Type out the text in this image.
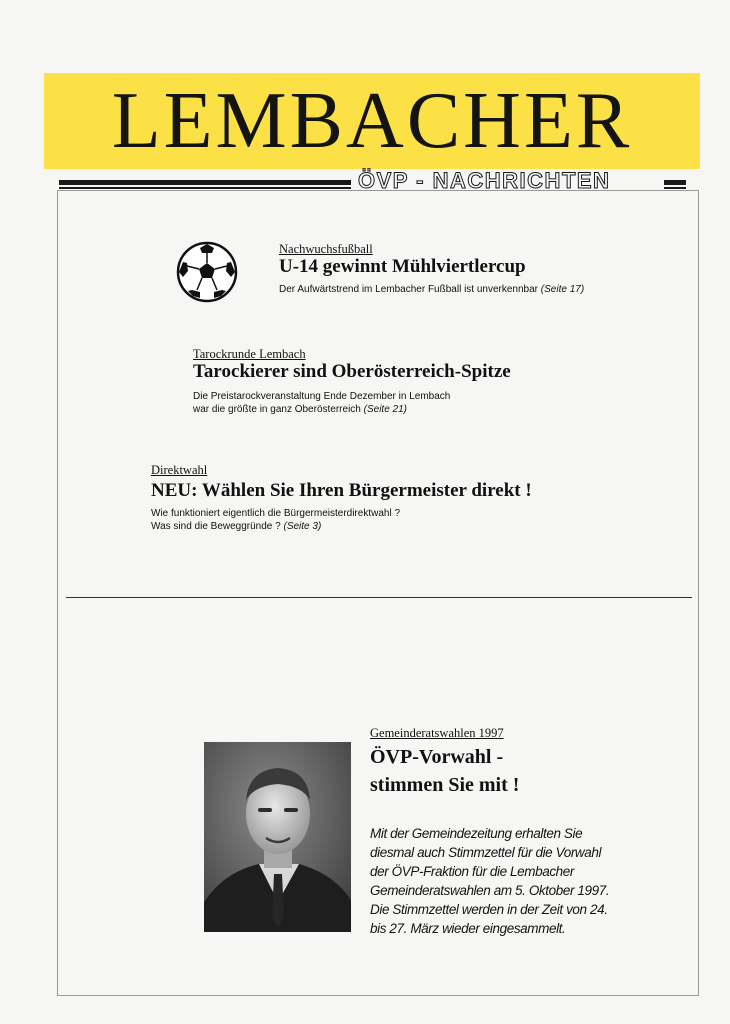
LEMBACHER
ÖVP - NACHRICHTEN
Nachwuchsfußball
U-14 gewinnt Mühlviertlercup
Der Aufwärtstrend im Lembacher Fußball ist unverkennbar (Seite 17)
Tarockrunde Lembach
Tarockierer sind Oberösterreich-Spitze
Die Preistarockveranstaltung Ende Dezember in Lembach
war die größte in ganz Oberösterreich (Seite 21)
Direktwahl
NEU: Wählen Sie Ihren Bürgermeister direkt !
Wie funktioniert eigentlich die Bürgermeisterdirektwahl ?
Was sind die Beweggründe ? (Seite 3)
Gemeinderatswahlen 1997
ÖVP-Vorwahl -
stimmen Sie mit !
Mit der Gemeindezeitung erhalten Sie
diesmal auch Stimmzettel für die Vorwahl
der ÖVP-Fraktion für die Lembacher
Gemeinderatswahlen am 5. Oktober 1997.
Die Stimmzettel werden in der Zeit von 24.
bis 27. März wieder eingesammelt.
